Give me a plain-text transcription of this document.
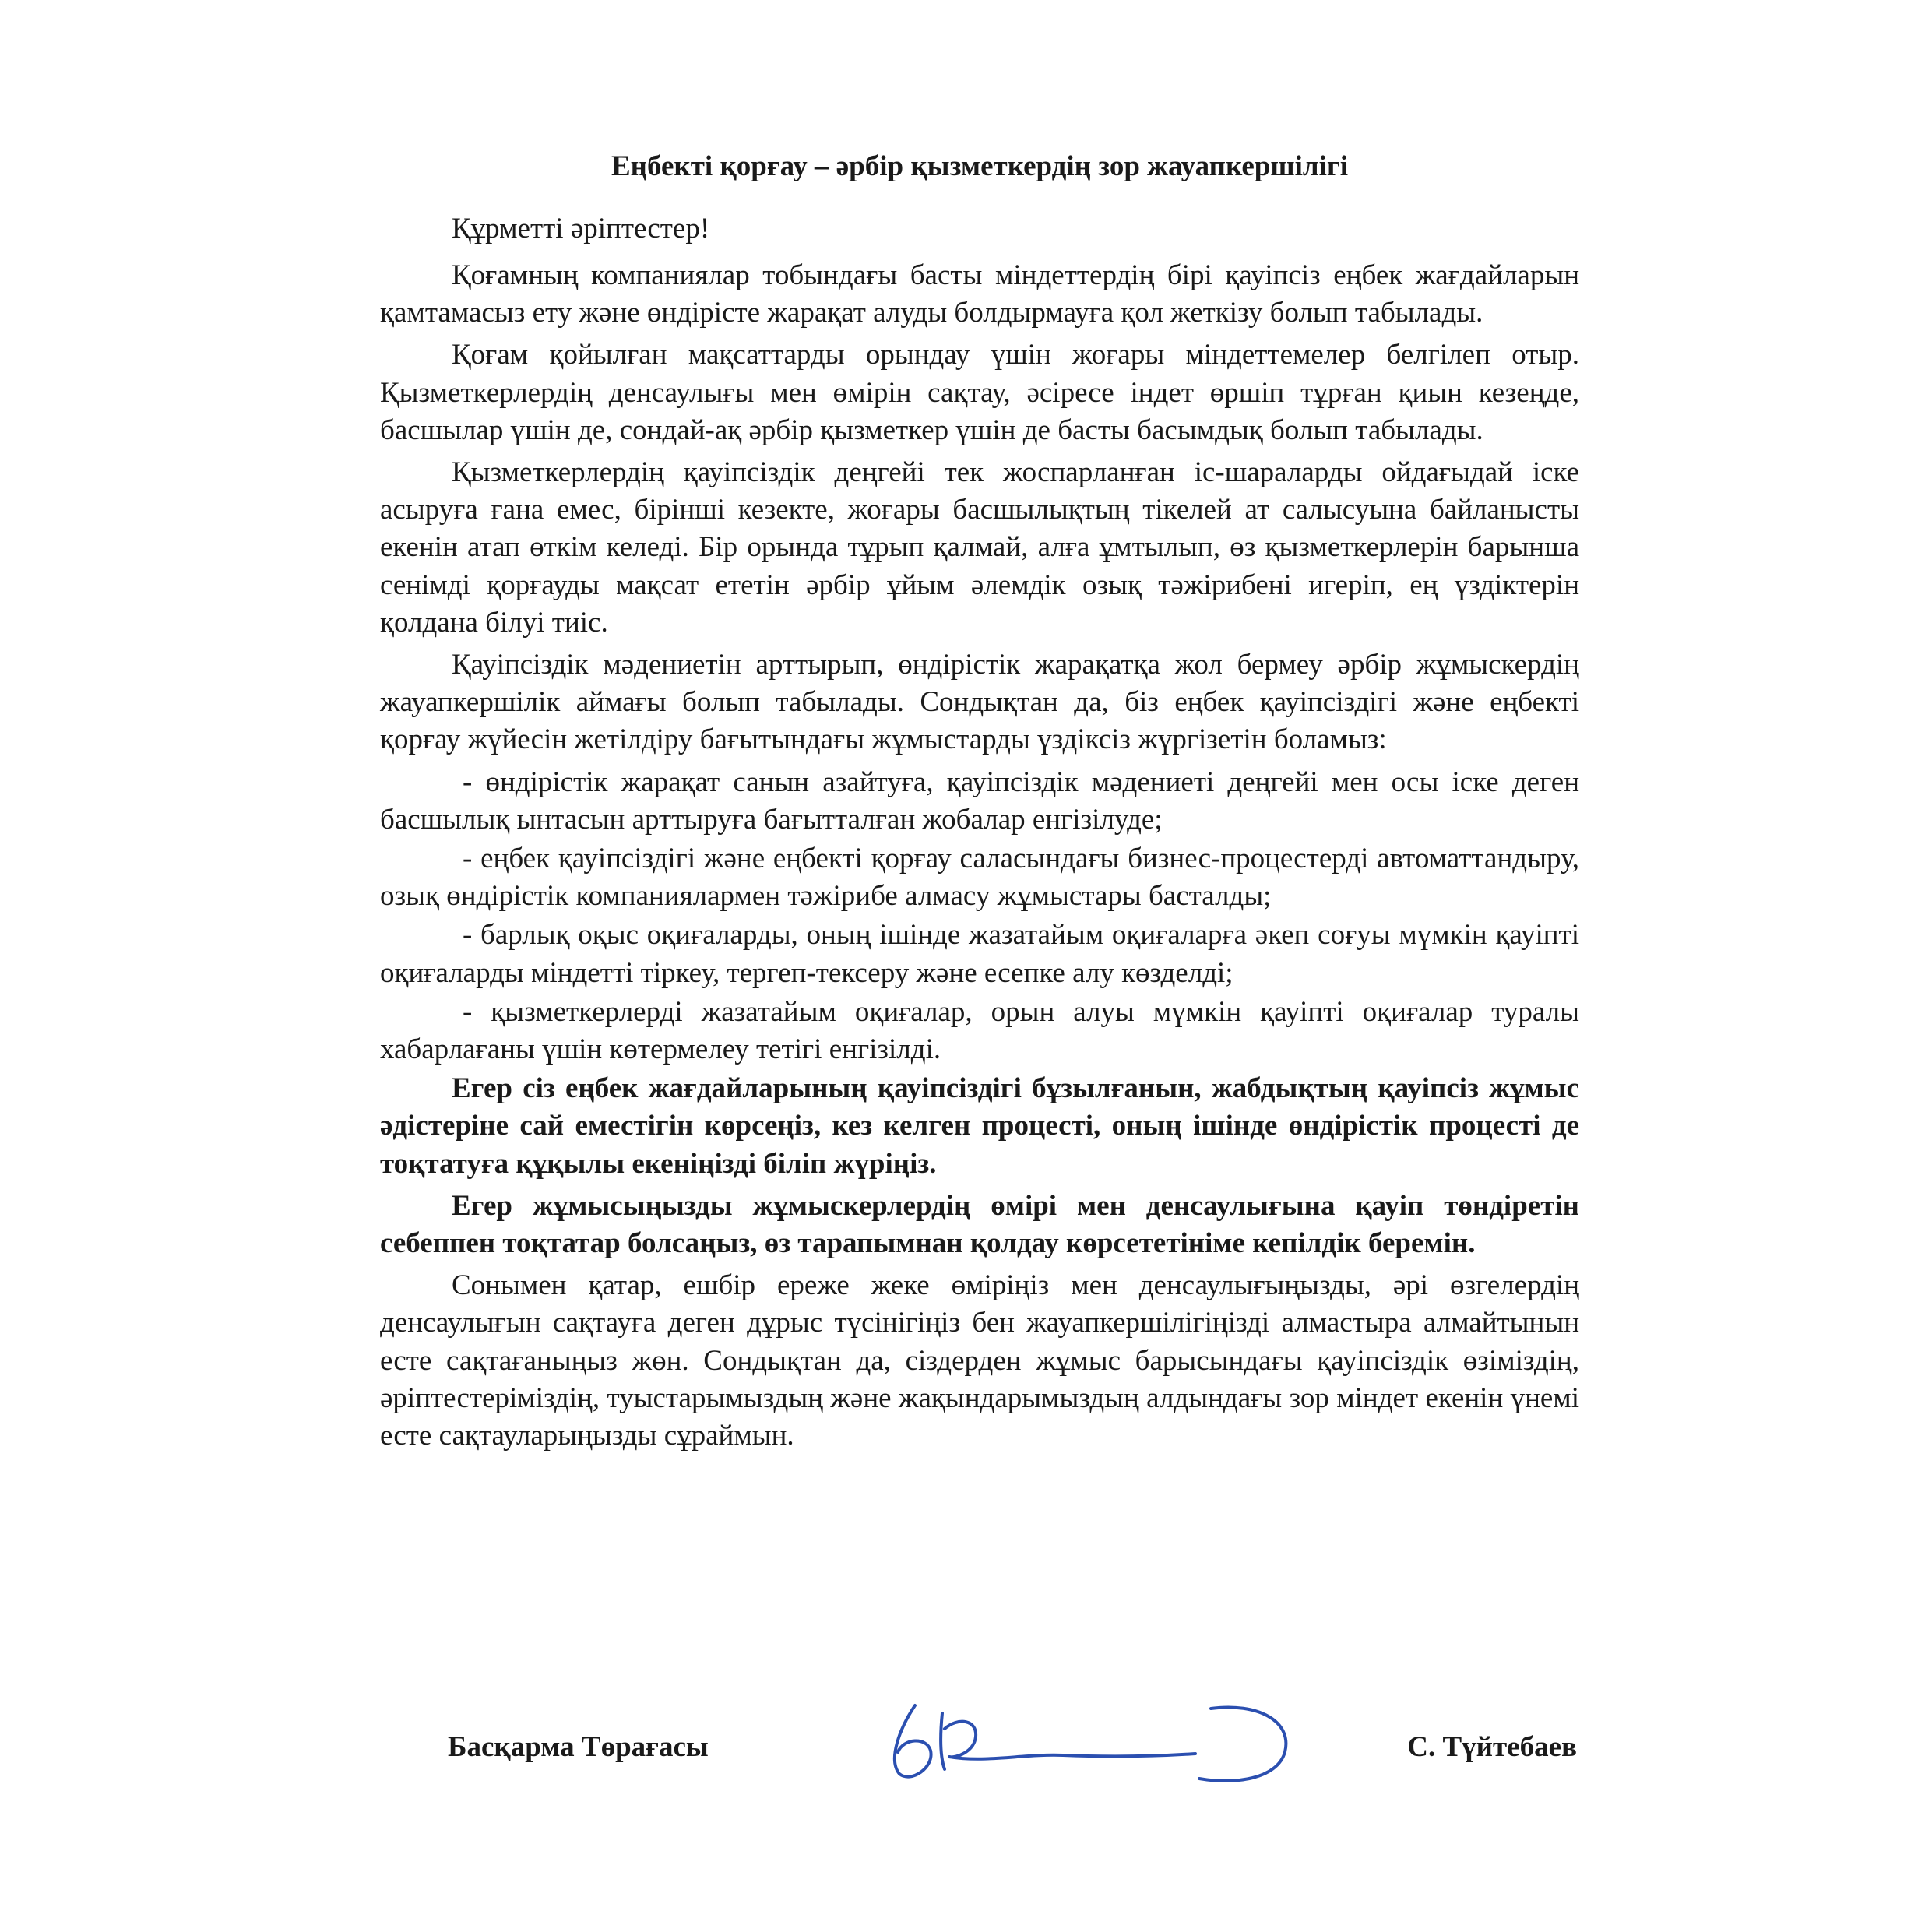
Еңбекті қорғау – әрбір қызметкердің зор жауапкершілігі
Құрметті әріптестер!

Қоғамның компаниялар тобындағы басты міндеттердің бірі қауіпсіз еңбек жағдайларын қамтамасыз ету және өндірісте жарақат алуды болдырмауға қол жеткізу болып табылады.

Қоғам қойылған мақсаттарды орындау үшін жоғары міндеттемелер белгілеп отыр. Қызметкерлердің денсаулығы мен өмірін сақтау, әсіресе індет өршіп тұрған қиын кезеңде, басшылар үшін де, сондай-ақ әрбір қызметкер үшін де басты басымдық болып табылады.

Қызметкерлердің қауіпсіздік деңгейі тек жоспарланған іс-шараларды ойдағыдай іске асыруға ғана емес, бірінші кезекте, жоғары басшылықтың тікелей ат салысуына байланысты екенін атап өткім келеді. Бір орында тұрып қалмай, алға ұмтылып, өз қызметкерлерін барынша сенімді қорғауды мақсат ететін әрбір ұйым әлемдік озық тәжірибені игеріп, ең үздіктерін қолдана білуі тиіс.

Қауіпсіздік мәдениетін арттырып, өндірістік жарақатқа жол бермеу әрбір жұмыскердің жауапкершілік аймағы болып табылады. Сондықтан да, біз еңбек қауіпсіздігі және еңбекті қорғау жүйесін жетілдіру бағытындағы жұмыстарды үздіксіз жүргізетін боламыз:

- өндірістік жарақат санын азайтуға, қауіпсіздік мәдениеті деңгейі мен осы іске деген басшылық ынтасын арттыруға бағытталған жобалар енгізілуде;

- еңбек қауіпсіздігі және еңбекті қорғау саласындағы бизнес-процестерді автоматтандыру, озық өндірістік компаниялармен тәжірибе алмасу жұмыстары басталды;

- барлық оқыс оқиғаларды, оның ішінде жазатайым оқиғаларға әкеп соғуы мүмкін қауіпті оқиғаларды міндетті тіркеу, тергеп-тексеру және есепке алу көзделді;

- қызметкерлерді жазатайым оқиғалар, орын алуы мүмкін қауіпті оқиғалар туралы хабарлағаны үшін көтермелеу тетігі енгізілді.

Егер сіз еңбек жағдайларының қауіпсіздігі бұзылғанын, жабдықтың қауіпсіз жұмыс әдістеріне сай еместігін көрсеңіз, кез келген процесті, оның ішінде өндірістік процесті де тоқтатуға құқылы екеніңізді біліп жүріңіз.

Егер жұмысыңызды жұмыскерлердің өмірі мен денсаулығына қауіп төндіретін себеппен тоқтатар болсаңыз, өз тарапымнан қолдау көрсететініме кепілдік беремін.

Сонымен қатар, ешбір ереже жеке өміріңіз мен денсаулығыңызды, әрі өзгелердің денсаулығын сақтауға деген дұрыс түсінігіңіз бен жауапкершілігіңізді алмастыра алмайтынын есте сақтағаныңыз жөн. Сондықтан да, сіздерден жұмыс барысындағы қауіпсіздік өзіміздің, әріптестеріміздің, туыстарымыздың және жақындарымыздың алдындағы зор міндет екенін үнемі есте сақтауларыңызды сұраймын.

Басқарма Төрағасы	С. Түйтебаев
